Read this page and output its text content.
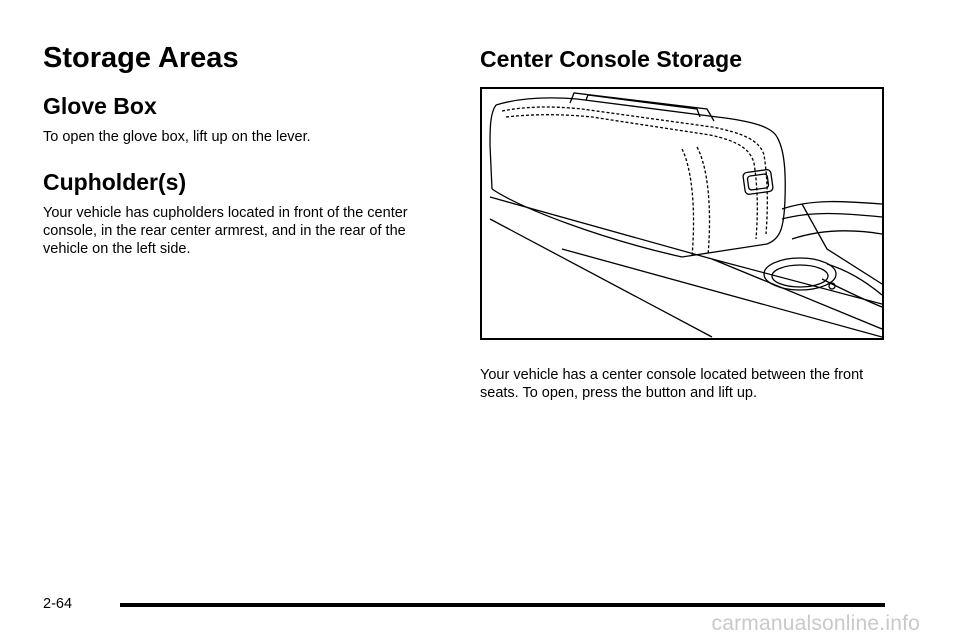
Storage Areas
Glove Box

To open the glove box, lift up on the lever.

Cupholder(s)

Your vehicle has cupholders located in front of the center console, in the rear center armrest, and in the rear of the vehicle on the left side.

Center Console Storage

Your vehicle has a center console located between the front seats. To open, press the button and lift up.

2-64
carmanualsonline.info
